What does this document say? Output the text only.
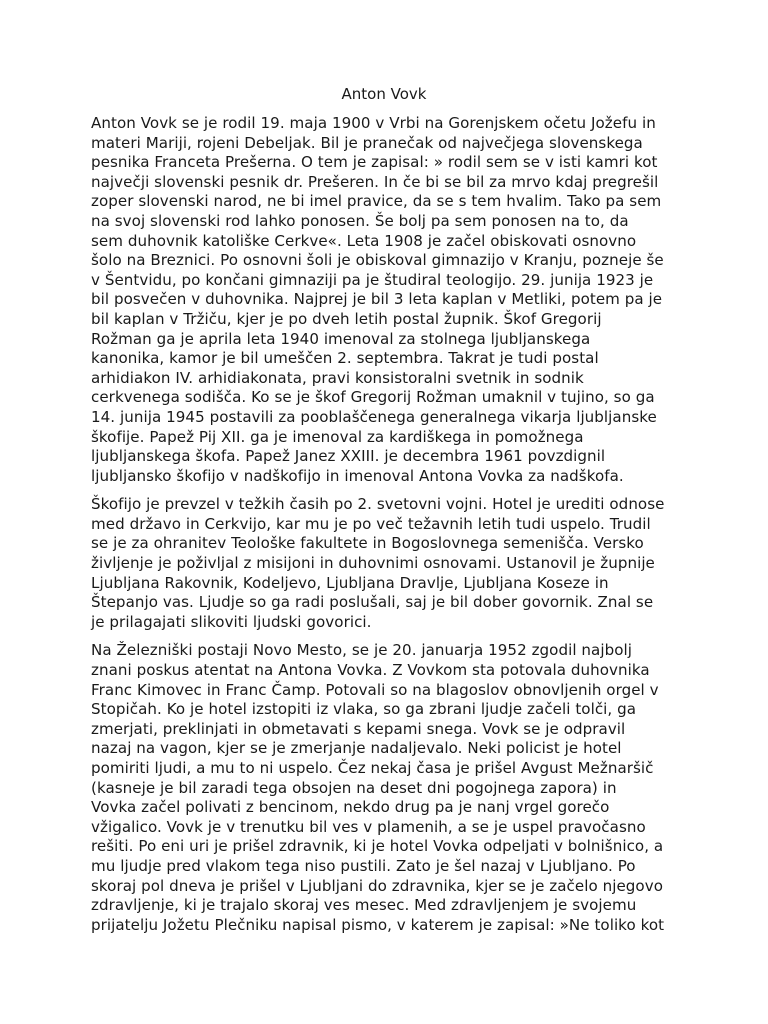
Anton Vovk
Anton Vovk se je rodil 19. maja 1900 v Vrbi na Gorenjskem očetu Jožefu in
materi Mariji, rojeni Debeljak. Bil je pranečak od največjega slovenskega
pesnika Franceta Prešerna. O tem je zapisal: » rodil sem se v isti kamri kot
največji slovenski pesnik dr. Prešeren. In če bi se bil za mrvo kdaj pregrešil
zoper slovenski narod, ne bi imel pravice, da se s tem hvalim. Tako pa sem
na svoj slovenski rod lahko ponosen. Še bolj pa sem ponosen na to, da
sem duhovnik katoliške Cerkve«. Leta 1908 je začel obiskovati osnovno
šolo na Breznici. Po osnovni šoli je obiskoval gimnazijo v Kranju, pozneje še
v Šentvidu, po končani gimnaziji pa je študiral teologijo. 29. junija 1923 je
bil posvečen v duhovnika. Najprej je bil 3 leta kaplan v Metliki, potem pa je
bil kaplan v Tržiču, kjer je po dveh letih postal župnik. Škof Gregorij
Rožman ga je aprila leta 1940 imenoval za stolnega ljubljanskega
kanonika, kamor je bil umeščen 2. septembra. Takrat je tudi postal
arhidiakon IV. arhidiakonata, pravi konsistoralni svetnik in sodnik
cerkvenega sodišča. Ko se je škof Gregorij Rožman umaknil v tujino, so ga
14. junija 1945 postavili za pooblaščenega generalnega vikarja ljubljanske
škofije. Papež Pij XII. ga je imenoval za kardiškega in pomožnega
ljubljanskega škofa. Papež Janez XXIII. je decembra 1961 povzdignil
ljubljansko škofijo v nadškofijo in imenoval Antona Vovka za nadškofa.
Škofijo je prevzel v težkih časih po 2. svetovni vojni. Hotel je urediti odnose
med državo in Cerkvijo, kar mu je po več težavnih letih tudi uspelo. Trudil
se je za ohranitev Teološke fakultete in Bogoslovnega semenišča. Versko
življenje je poživljal z misijoni in duhovnimi osnovami. Ustanovil je župnije
Ljubljana Rakovnik, Kodeljevo, Ljubljana Dravlje, Ljubljana Koseze in
Štepanjo vas. Ljudje so ga radi poslušali, saj je bil dober govornik. Znal se
je prilagajati slikoviti ljudski govorici.
Na Železniški postaji Novo Mesto, se je 20. januarja 1952 zgodil najbolj
znani poskus atentat na Antona Vovka. Z Vovkom sta potovala duhovnika
Franc Kimovec in Franc Čamp. Potovali so na blagoslov obnovljenih orgel v
Stopičah. Ko je hotel izstopiti iz vlaka, so ga zbrani ljudje začeli tolči, ga
zmerjati, preklinjati in obmetavati s kepami snega. Vovk se je odpravil
nazaj na vagon, kjer se je zmerjanje nadaljevalo. Neki policist je hotel
pomiriti ljudi, a mu to ni uspelo. Čez nekaj časa je prišel Avgust Mežnaršič
(kasneje je bil zaradi tega obsojen na deset dni pogojnega zapora) in
Vovka začel polivati z bencinom, nekdo drug pa je nanj vrgel gorečo
vžigalico. Vovk je v trenutku bil ves v plamenih, a se je uspel pravočasno
rešiti. Po eni uri je prišel zdravnik, ki je hotel Vovka odpeljati v bolnišnico, a
mu ljudje pred vlakom tega niso pustili. Zato je šel nazaj v Ljubljano. Po
skoraj pol dneva je prišel v Ljubljani do zdravnika, kjer se je začelo njegovo
zdravljenje, ki je trajalo skoraj ves mesec. Med zdravljenjem je svojemu
prijatelju Jožetu Plečniku napisal pismo, v katerem je zapisal: »Ne toliko kot
